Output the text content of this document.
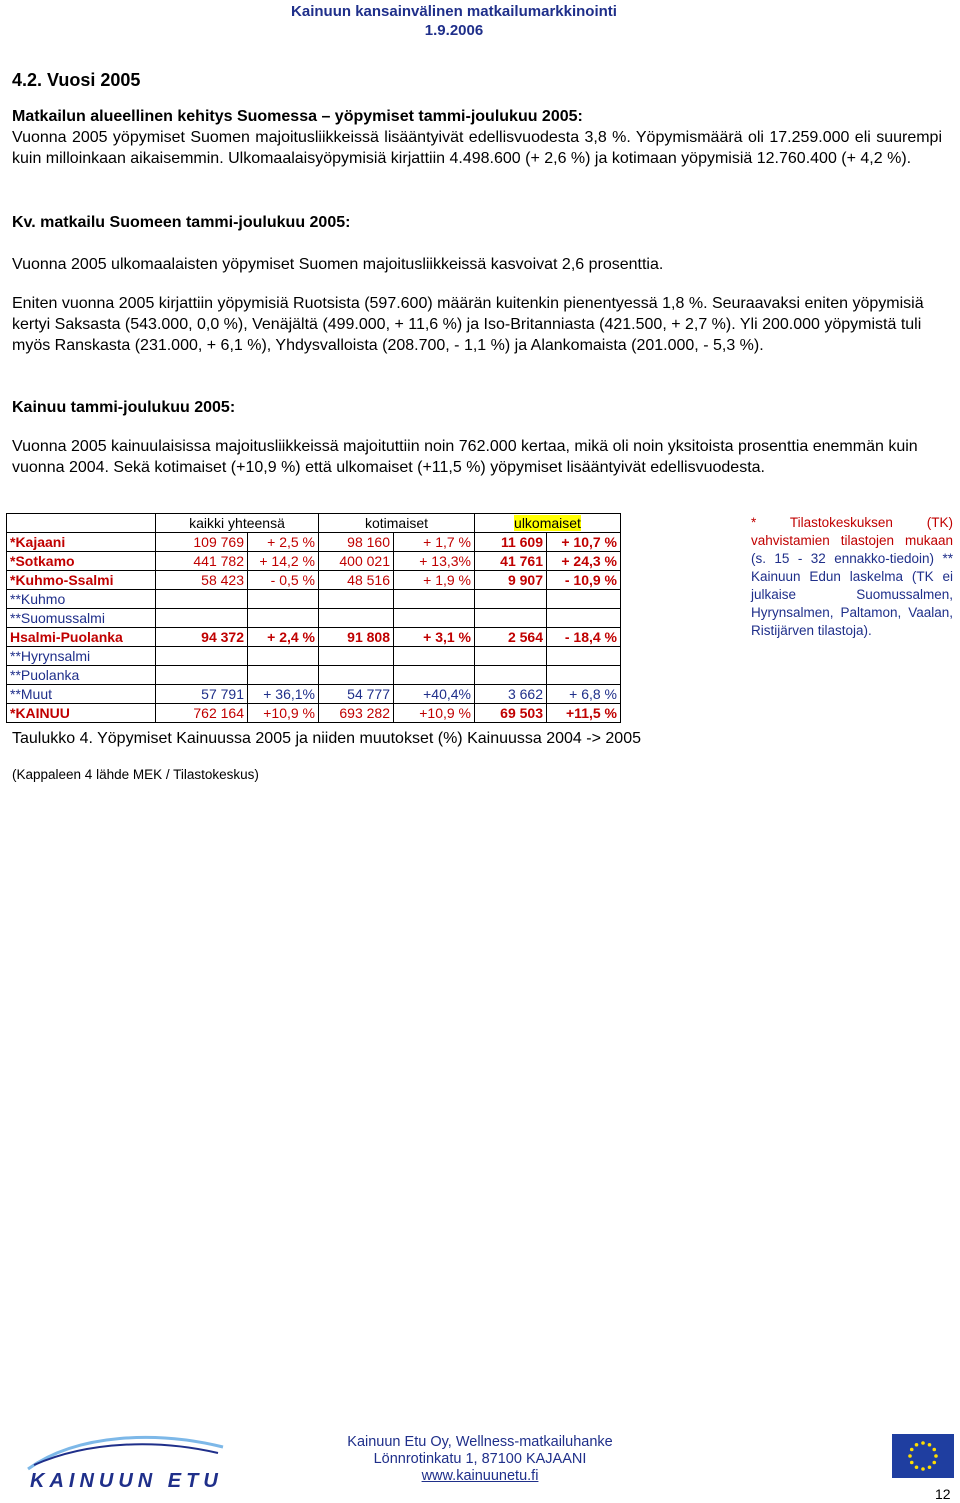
Kainuun kansainvälinen matkailumarkkinointi
1.9.2006
4.2. Vuosi 2005
Matkailun alueellinen kehitys Suomessa – yöpymiset tammi-joulukuu 2005:
Vuonna 2005 yöpymiset Suomen majoitusliikkeissä lisääntyivät edellisvuodesta 3,8 %. Yöpymismäärä oli 17.259.000 eli suurempi kuin milloinkaan aikaisemmin. Ulkomaalaisyöpymisiä kirjattiin 4.498.600 (+ 2,6 %) ja kotimaan yöpymisiä 12.760.400 (+ 4,2 %).
Kv. matkailu Suomeen tammi-joulukuu 2005:
Vuonna 2005 ulkomaalaisten yöpymiset Suomen majoitusliikkeissä kasvoivat 2,6 prosenttia.
Eniten vuonna 2005 kirjattiin yöpymisiä Ruotsista (597.600) määrän kuitenkin pienentyessä 1,8 %. Seuraavaksi eniten yöpymisiä kertyi Saksasta (543.000, 0,0 %), Venäjältä (499.000, + 11,6 %) ja Iso-Britanniasta (421.500, + 2,7 %). Yli 200.000 yöpymistä tuli myös Ranskasta (231.000, + 6,1 %), Yhdysvalloista (208.700, - 1,1 %) ja Alankomaista (201.000, - 5,3 %).
Kainuu tammi-joulukuu 2005:
Vuonna 2005 kainuulaisissa majoitusliikkeissä majoituttiin noin 762.000 kertaa, mikä oli noin yksitoista prosenttia enemmän kuin vuonna 2004. Sekä kotimaiset (+10,9 %) että ulkomaiset (+11,5 %) yöpymiset lisääntyivät edellisvuodesta.
	kaikki yhteensä		kotimaiset		ulkomaiset	
*Kajaani	109 769	+ 2,5 %	98 160	+ 1,7 %	11 609	+ 10,7 %
*Sotkamo	441 782	+ 14,2 %	400 021	+ 13,3%	41 761	+ 24,3 %
*Kuhmo-Ssalmi	58 423	- 0,5 %	48 516	+ 1,9 %	9 907	- 10,9 %
**Kuhmo						
**Suomussalmi						
Hsalmi-Puolanka	94 372	+ 2,4 %	91 808	+ 3,1 %	2 564	- 18,4 %
**Hyrynsalmi						
**Puolanka						
**Muut	57 791	+ 36,1%	54 777	+40,4%	3 662	+ 6,8 %
*KAINUU	762 164	+10,9 %	693 282	+10,9 %	69 503	+11,5 %
* Tilastokeskuksen (TK) vahvistamien tilastojen mukaan (s. 15 - 32 ennakko-tiedoin) ** Kainuun Edun laskelma (TK ei julkaise Suomussalmen, Hyrynsalmen, Paltamon, Vaalan, Ristijärven tilastoja).
Taulukko 4. Yöpymiset Kainuussa 2005 ja niiden muutokset (%) Kainuussa 2004 -> 2005
(Kappaleen 4 lähde MEK / Tilastokeskus)
KAINUUN ETU
Kainuun Etu Oy, Wellness-matkailuhanke
Lönnrotinkatu 1, 87100 KAJAANI
www.kainuunetu.fi
12
